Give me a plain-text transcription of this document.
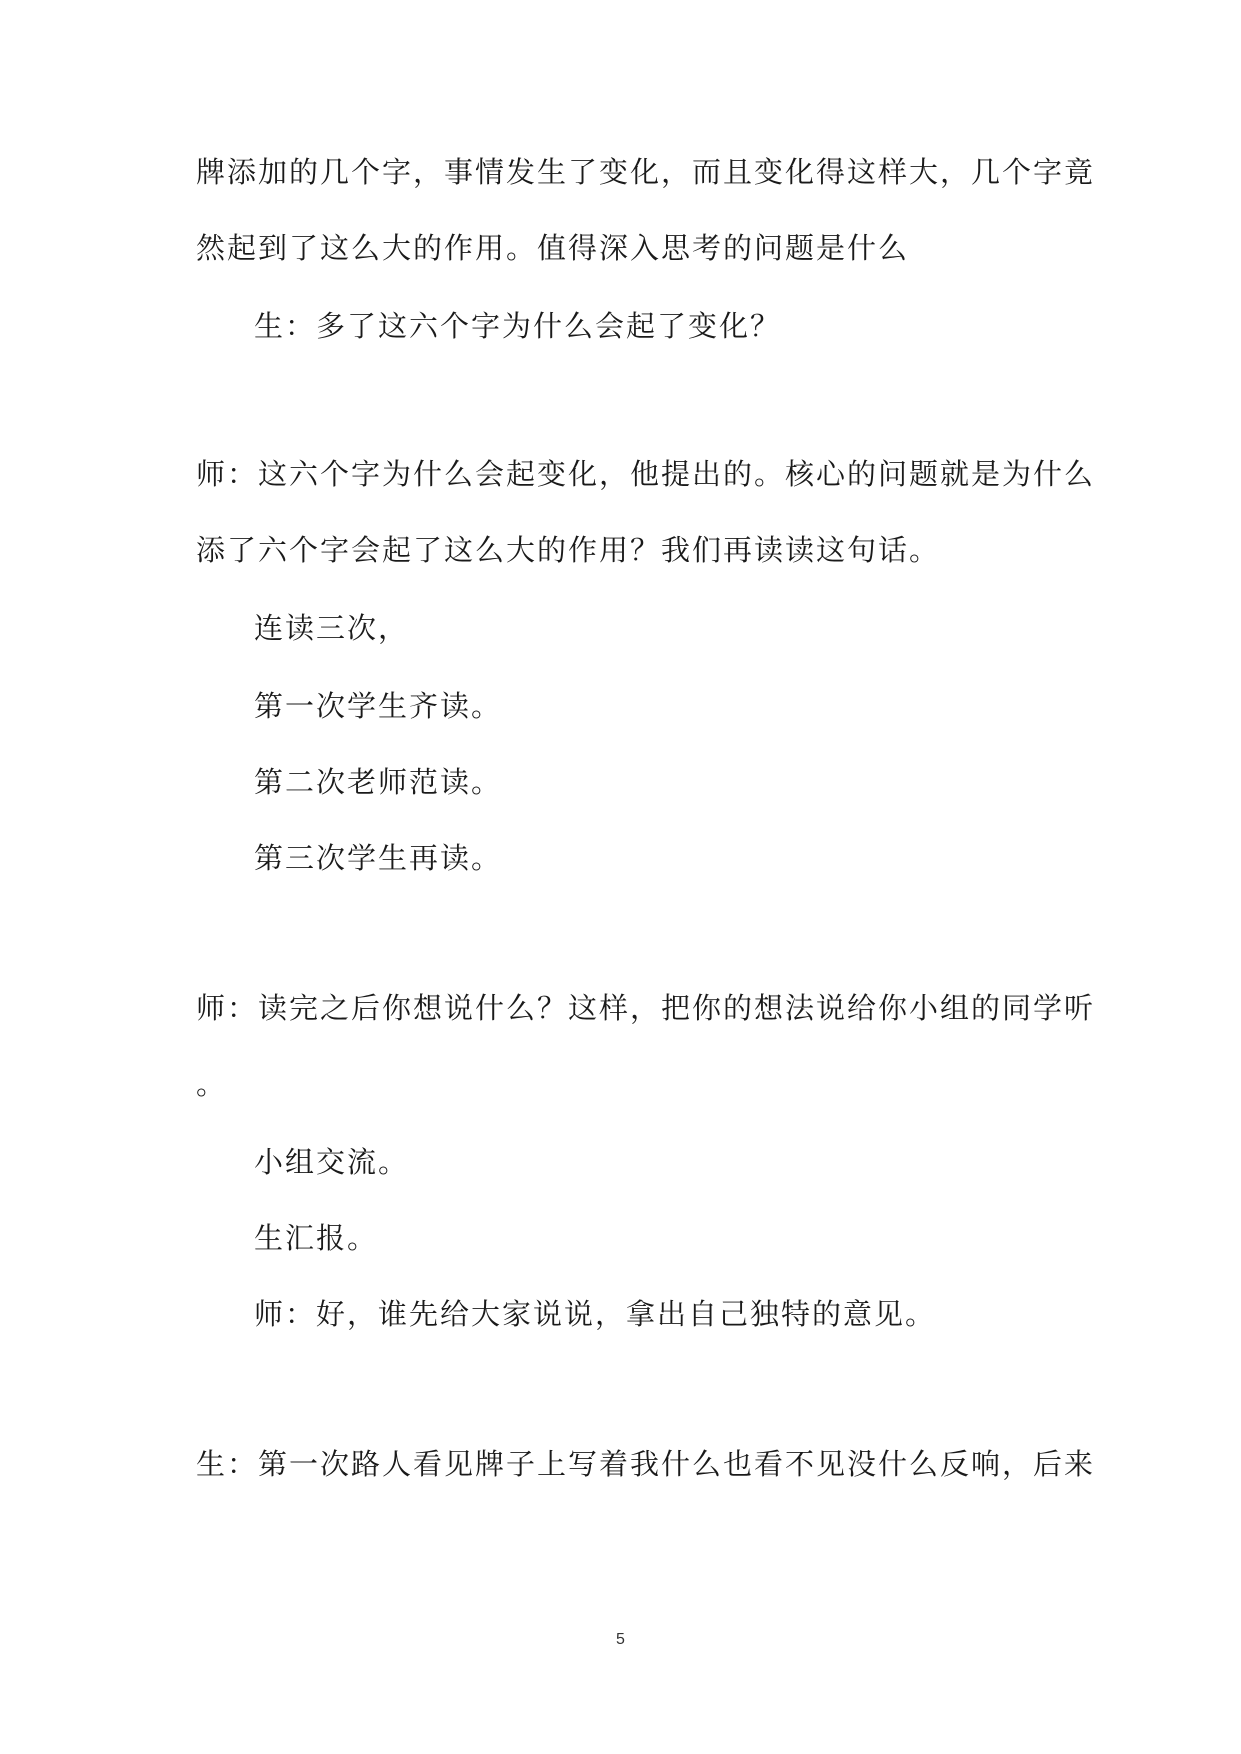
牌添加的几个字，事情发生了变化，而且变化得这样大，几个字竟
然起到了这么大的作用。值得深入思考的问题是什么
生：多了这六个字为什么会起了变化？
师：这六个字为什么会起变化，他提出的。核心的问题就是为什么
添了六个字会起了这么大的作用？我们再读读这句话。
连读三次，
第一次学生齐读。
第二次老师范读。
第三次学生再读。
师：读完之后你想说什么？这样，把你的想法说给你小组的同学听
。
小组交流。
生汇报。
师：好，谁先给大家说说，拿出自己独特的意见。
生：第一次路人看见牌子上写着我什么也看不见没什么反响，后来
5
